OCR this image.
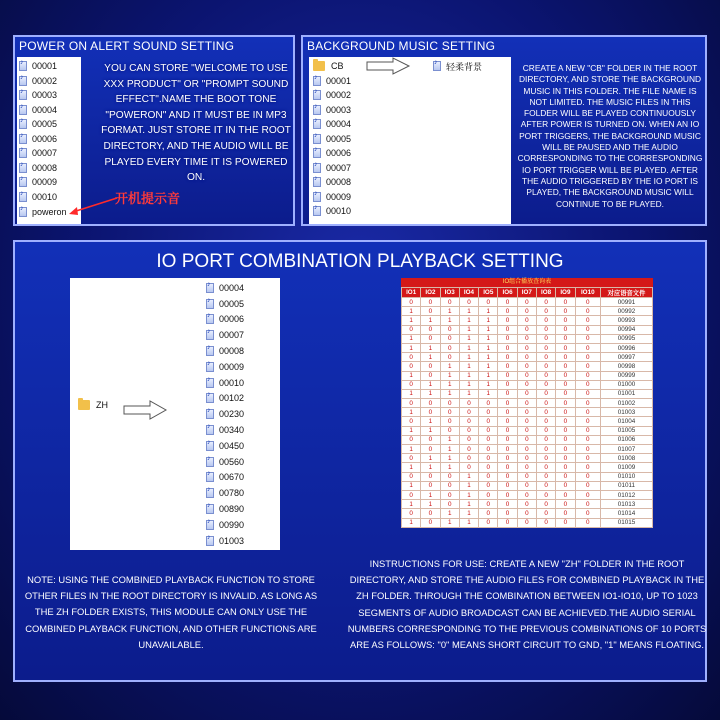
POWER ON ALERT SOUND SETTING
♪
00001
♪
00002
♪
00003
♪
00004
♪
00005
♪
00006
♪
00007
♪
00008
♪
00009
♪
00010
♪
poweron
YOU CAN STORE "WELCOME TO USE XXX PRODUCT" OR "PROMPT SOUND EFFECT".NAME THE BOOT TONE "POWERON" AND IT MUST BE IN MP3 FORMAT. JUST STORE IT IN THE ROOT DIRECTORY, AND THE AUDIO WILL BE PLAYED EVERY TIME IT IS POWERED ON.
开机提示音
BACKGROUND MUSIC SETTING
CB ♪	轻柔背景
♪
00001
♪
00002
♪
00003
♪
00004
♪
00005
♪
00006
♪
00007
♪
00008
♪
00009
♪
00010
CREATE A NEW "CB" FOLDER IN THE ROOT DIRECTORY, AND STORE THE BACKGROUND MUSIC IN THIS FOLDER. THE FILE NAME IS NOT LIMITED. THE MUSIC FILES IN THIS FOLDER WILL BE PLAYED CONTINUOUSLY AFTER POWER IS TURNED ON. WHEN AN IO PORT TRIGGERS, THE BACKGROUND MUSIC WILL BE PAUSED AND THE AUDIO CORRESPONDING TO THE CORRESPONDING IO PORT TRIGGER WILL BE PLAYED. AFTER THE AUDIO TRIGGERED BY THE IO PORT IS PLAYED, THE BACKGROUND MUSIC WILL CONTINUE TO BE PLAYED.
IO PORT COMBINATION PLAYBACK SETTING
ZH
♪
00004
♪
00005
♪
00006
♪
00007
♪
00008
♪
00009
♪
00010
♪
00102
♪
00230
♪
00340
♪
00450
♪
00560
♪
00670
♪
00780
♪
00890
♪
00990
♪
01003
IO组合播放查询表
IO1	IO2	IO3	IO4	IO5	IO6	IO7	IO8	IO9	IO10	对应语音文件
0	0	0	0	0	0	0	0	0	0	00991
1	0	1	1	1	0	0	0	0	0	00992
1	1	1	1	1	0	0	0	0	0	00993
0	0	0	1	1	0	0	0	0	0	00994
1	0	0	1	1	0	0	0	0	0	00995
1	1	0	1	1	0	0	0	0	0	00996
0	1	0	1	1	0	0	0	0	0	00997
0	0	1	1	1	0	0	0	0	0	00998
1	0	1	1	1	0	0	0	0	0	00999
0	1	1	1	1	0	0	0	0	0	01000
1	1	1	1	1	0	0	0	0	0	01001
0	0	0	0	0	0	0	0	0	0	01002
1	0	0	0	0	0	0	0	0	0	01003
0	1	0	0	0	0	0	0	0	0	01004
1	1	0	0	0	0	0	0	0	0	01005
0	0	1	0	0	0	0	0	0	0	01006
1	0	1	0	0	0	0	0	0	0	01007
0	1	1	0	0	0	0	0	0	0	01008
1	1	1	0	0	0	0	0	0	0	01009
0	0	0	1	0	0	0	0	0	0	01010
1	0	0	1	0	0	0	0	0	0	01011
0	1	0	1	0	0	0	0	0	0	01012
1	1	0	1	0	0	0	0	0	0	01013
0	0	1	1	0	0	0	0	0	0	01014
1	0	1	1	0	0	0	0	0	0	01015
NOTE: USING THE COMBINED PLAYBACK FUNCTION TO STORE OTHER FILES IN THE ROOT DIRECTORY IS INVALID. AS LONG AS THE ZH FOLDER EXISTS, THIS MODULE CAN ONLY USE THE COMBINED PLAYBACK FUNCTION, AND OTHER FUNCTIONS ARE UNAVAILABLE.
INSTRUCTIONS FOR USE: CREATE A NEW "ZH" FOLDER IN THE ROOT DIRECTORY, AND STORE THE AUDIO FILES FOR COMBINED PLAYBACK IN THE ZH FOLDER. THROUGH THE COMBINATION BETWEEN IO1-IO10, UP TO 1023 SEGMENTS OF AUDIO BROADCAST CAN BE ACHIEVED.THE AUDIO SERIAL NUMBERS CORRESPONDING TO THE PREVIOUS COMBINATIONS OF 10 PORTS ARE AS FOLLOWS: "0" MEANS SHORT CIRCUIT TO GND, "1" MEANS FLOATING.
